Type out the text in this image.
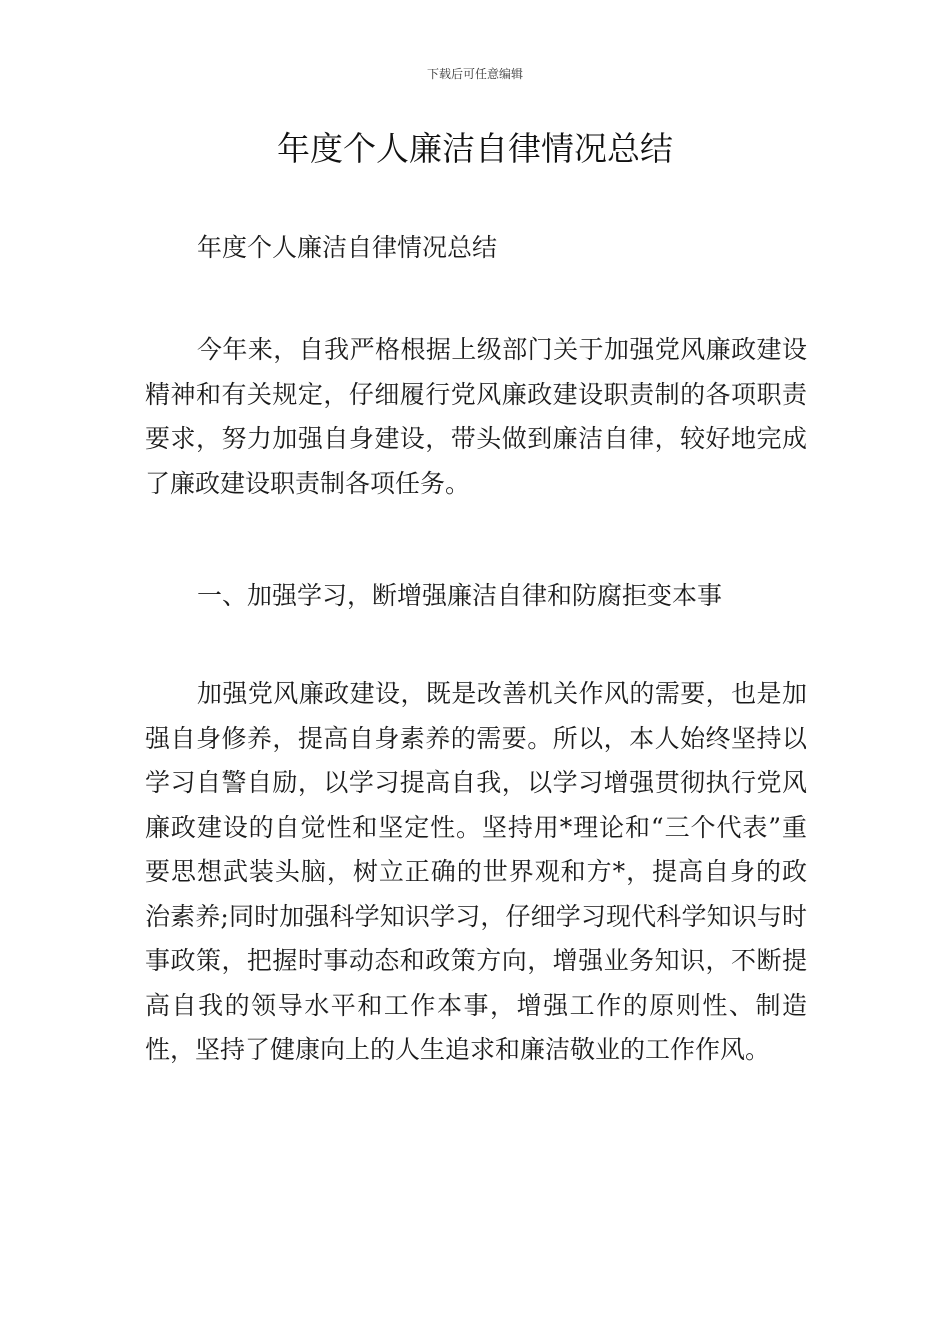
下载后可任意编辑
年度个人廉洁自律情况总结

年度个人廉洁自律情况总结

今年来，自我严格根据上级部门关于加强党风廉政建设精神和有关规定，仔细履行党风廉政建设职责制的各项职责要求，努力加强自身建设，带头做到廉洁自律，较好地完成了廉政建设职责制各项任务。

一、加强学习，断增强廉洁自律和防腐拒变本事

加强党风廉政建设，既是改善机关作风的需要，也是加强自身修养，提高自身素养的需要。所以，本人始终坚持以学习自警自励，以学习提高自我，以学习增强贯彻执行党风廉政建设的自觉性和坚定性。坚持用*理论和“三个代表”重要思想武装头脑，树立正确的世界观和方*，提高自身的政治素养;同时加强科学知识学习，仔细学习现代科学知识与时事政策，把握时事动态和政策方向，增强业务知识，不断提高自我的领导水平和工作本事，增强工作的原则性、制造性，坚持了健康向上的人生追求和廉洁敬业的工作作风。
